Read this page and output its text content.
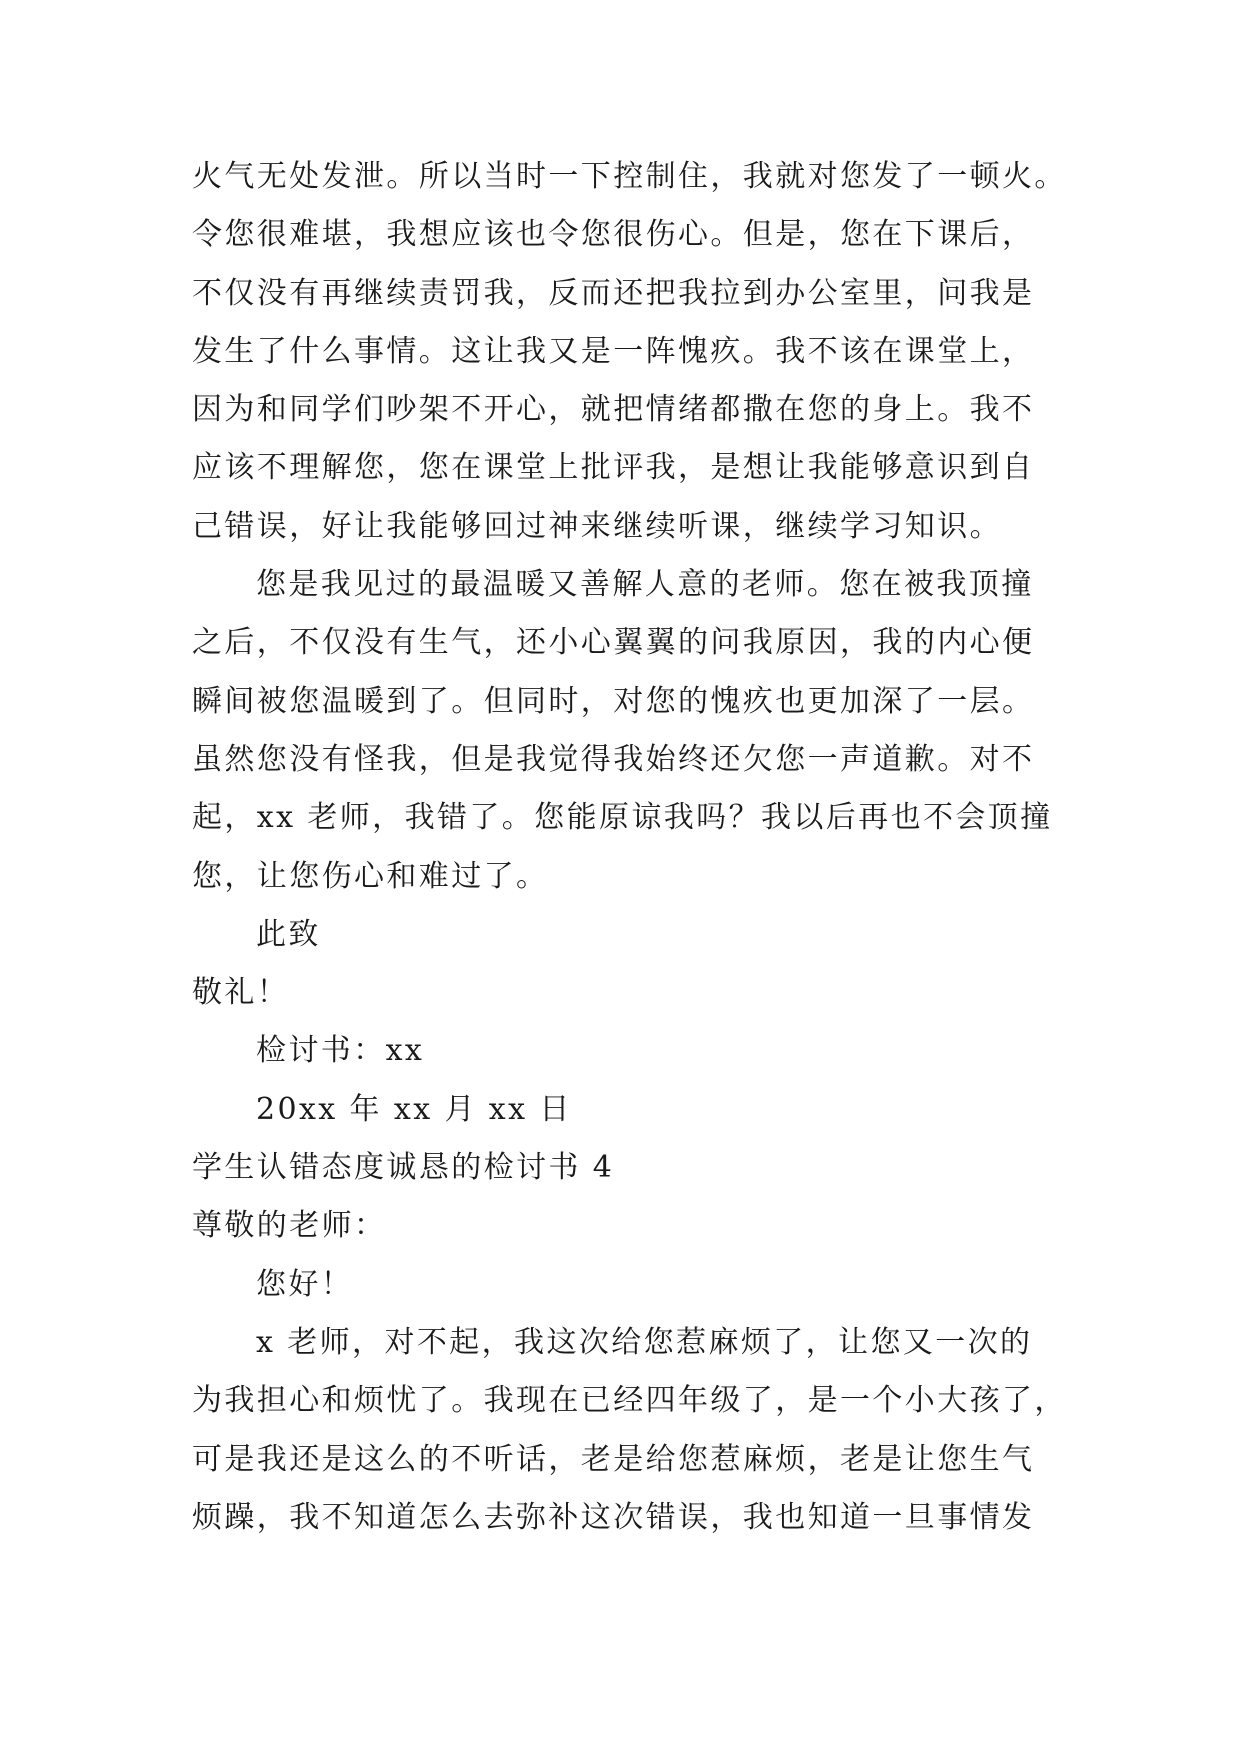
火气无处发泄。所以当时一下控制住，我就对您发了一顿火。
令您很难堪，我想应该也令您很伤心。但是，您在下课后，
不仅没有再继续责罚我，反而还把我拉到办公室里，问我是
发生了什么事情。这让我又是一阵愧疚。我不该在课堂上，
因为和同学们吵架不开心，就把情绪都撒在您的身上。我不
应该不理解您，您在课堂上批评我，是想让我能够意识到自
己错误，好让我能够回过神来继续听课，继续学习知识。
您是我见过的最温暖又善解人意的老师。您在被我顶撞
之后，不仅没有生气，还小心翼翼的问我原因，我的内心便
瞬间被您温暖到了。但同时，对您的愧疚也更加深了一层。
虽然您没有怪我，但是我觉得我始终还欠您一声道歉。对不
起，xx 老师，我错了。您能原谅我吗？我以后再也不会顶撞
您，让您伤心和难过了。
此致
敬礼！
检讨书：xx
20xx 年 xx 月 xx 日
学生认错态度诚恳的检讨书 4
尊敬的老师：
您好！
x 老师，对不起，我这次给您惹麻烦了，让您又一次的
为我担心和烦忧了。我现在已经四年级了，是一个小大孩了，
可是我还是这么的不听话，老是给您惹麻烦，老是让您生气
烦躁，我不知道怎么去弥补这次错误，我也知道一旦事情发
